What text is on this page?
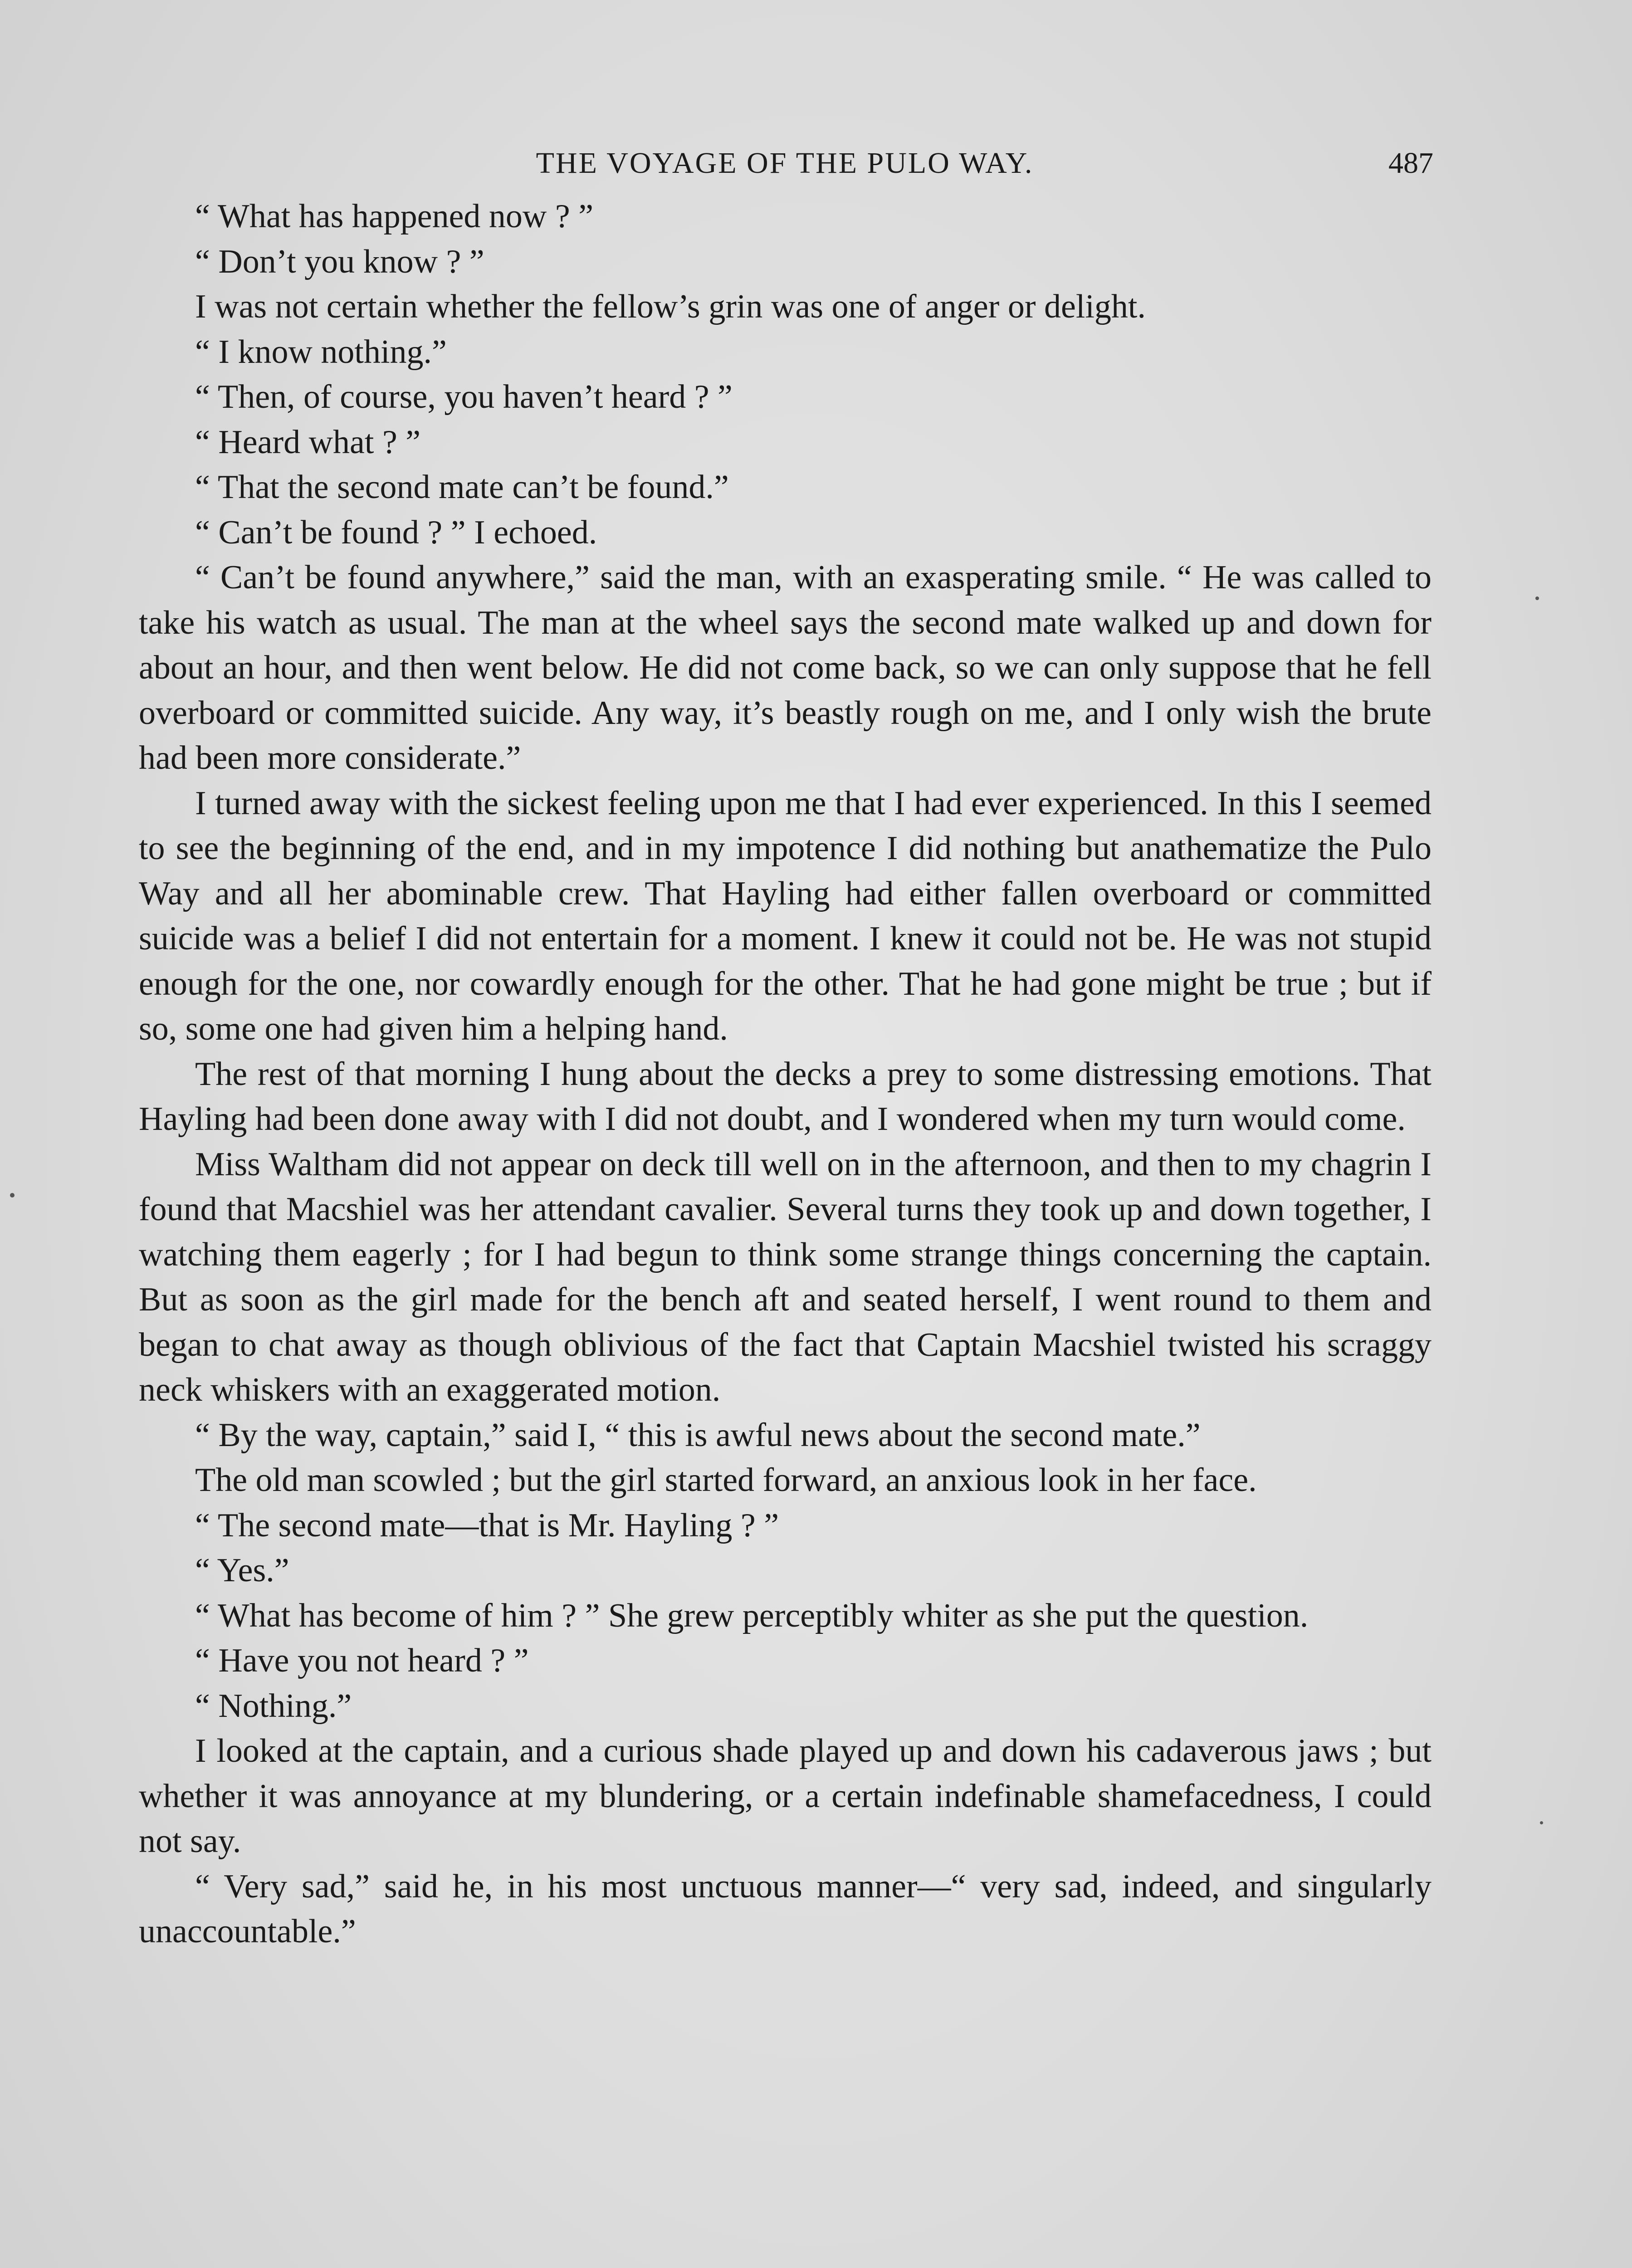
THE VOYAGE OF THE PULO WAY.	487

“ What has happened now ? ”

“ Don’t you know ? ”

I was not certain whether the fellow’s grin was one of anger or delight.

“ I know nothing.”

“ Then, of course, you haven’t heard ? ”

“ Heard what ? ”

“ That the second mate can’t be found.”

“ Can’t be found ? ” I echoed.

“ Can’t be found anywhere,” said the man, with an exasperating smile. “ He was called to take his watch as usual. The man at the wheel says the second mate walked up and down for about an hour, and then went below. He did not come back, so we can only suppose that he fell overboard or committed suicide. Any way, it’s beastly rough on me, and I only wish the brute had been more considerate.”

I turned away with the sickest feeling upon me that I had ever experienced. In this I seemed to see the beginning of the end, and in my impotence I did nothing but anathematize the Pulo Way and all her abominable crew. That Hayling had either fallen overboard or committed suicide was a belief I did not entertain for a moment. I knew it could not be. He was not stupid enough for the one, nor cowardly enough for the other. That he had gone might be true ; but if so, some one had given him a helping hand.

The rest of that morning I hung about the decks a prey to some distressing emotions. That Hayling had been done away with I did not doubt, and I wondered when my turn would come.

Miss Waltham did not appear on deck till well on in the afternoon, and then to my chagrin I found that Macshiel was her attendant cavalier. Several turns they took up and down together, I watching them eagerly ; for I had begun to think some strange things concerning the captain. But as soon as the girl made for the bench aft and seated herself, I went round to them and began to chat away as though oblivious of the fact that Captain Macshiel twisted his scraggy neck whiskers with an exaggerated motion.

“ By the way, captain,” said I, “ this is awful news about the second mate.”

The old man scowled ; but the girl started forward, an anxious look in her face.

“ The second mate—that is Mr. Hayling ? ”

“ Yes.”

“ What has become of him ? ” She grew perceptibly whiter as she put the question.

“ Have you not heard ? ”

“ Nothing.”

I looked at the captain, and a curious shade played up and down his cadaverous jaws ; but whether it was annoyance at my blundering, or a certain indefinable shamefacedness, I could not say.

“ Very sad,” said he, in his most unctuous manner—“ very sad, indeed, and singularly unaccountable.”
